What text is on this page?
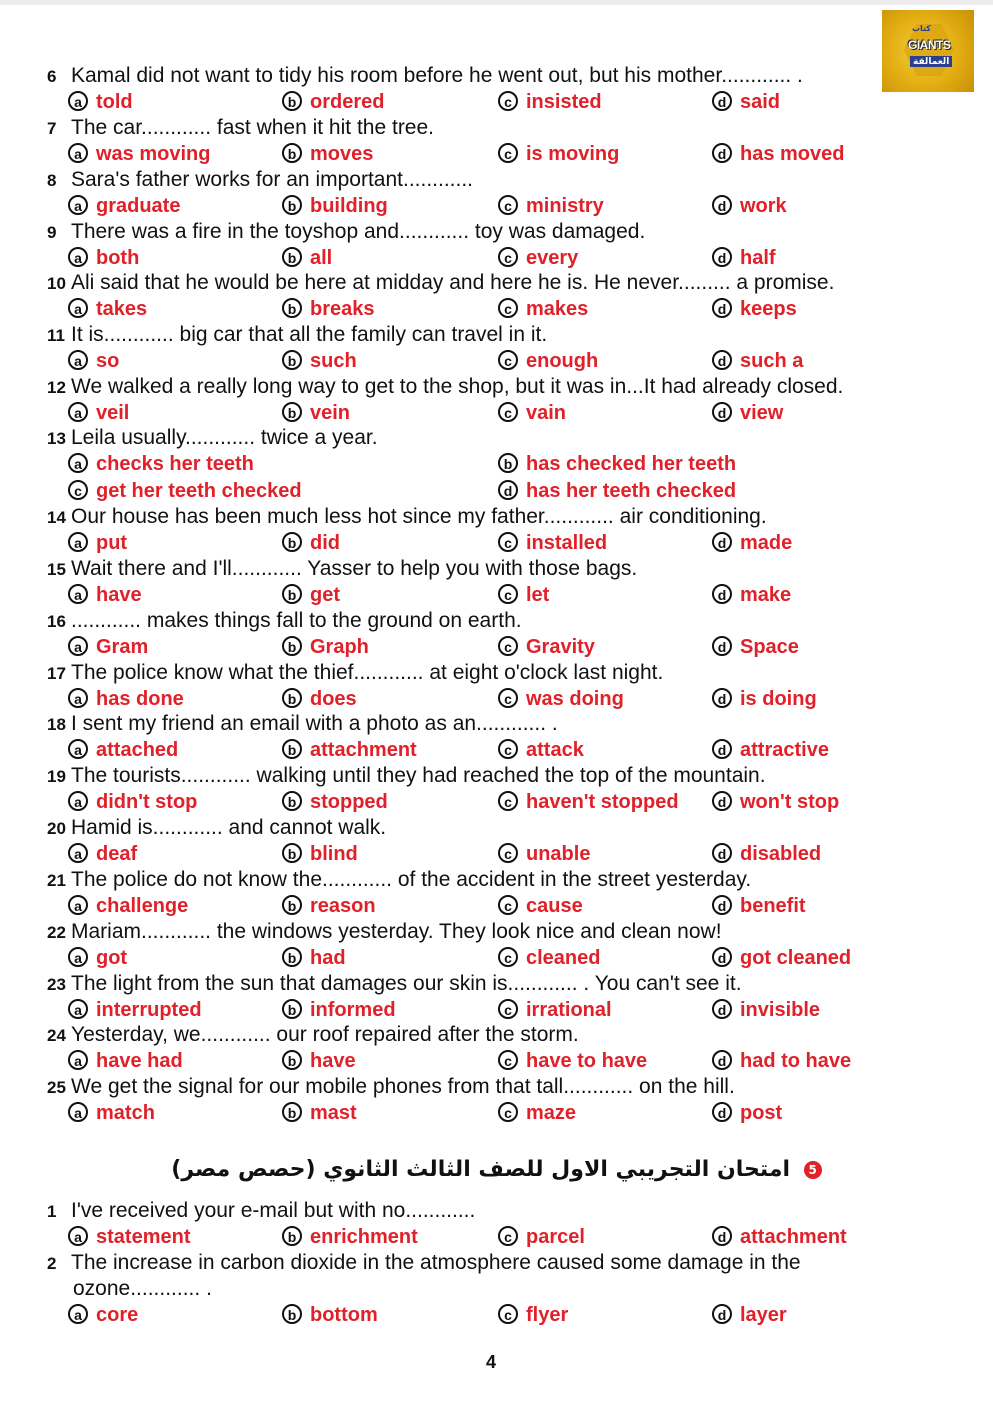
كتاب
GIANTS
العمالقة
6 Kamal did not want to tidy his room before he went out, but his mother............ .
a told	b ordered	c insisted	d said
7 The car............ fast when it hit the tree.
a was moving	b moves	c is moving	d has moved
8 Sara's father works for an important............
a graduate	b building	c ministry	d work
9 There was a fire in the toyshop and............ toy was damaged.
a both	b all	c every	d half
10 Ali said that he would be here at midday and here he is. He never......... a promise.
a takes	b breaks	c makes	d keeps
11 It is............ big car that all the family can travel in it.
a so	b such	c enough	d such a
12 We walked a really long way to get to the shop, but it was in...It had already closed.
a veil	b vein	c vain	d view
13 Leila usually............ twice a year.
a checks her teeth	b has checked her teeth
c get her teeth checked	d has her teeth checked
14 Our house has been much less hot since my father............ air conditioning.
a put	b did	c installed	d made
15 Wait there and I'll............ Yasser to help you with those bags.
a have	b get	c let	d make
16 ............ makes things fall to the ground on earth.
a Gram	b Graph	c Gravity	d Space
17 The police know what the thief............ at eight o'clock last night.
a has done	b does	c was doing	d is doing
18 I sent my friend an email with a photo as an............ .
a attached	b attachment	c attack	d attractive
19 The tourists............ walking until they had reached the top of the mountain.
a didn't stop	b stopped	c haven't stopped	d won't stop
20 Hamid is............ and cannot walk.
a deaf	b blind	c unable	d disabled
21 The police do not know the............ of the accident in the street yesterday.
a challenge	b reason	c cause	d benefit
22 Mariam............ the windows yesterday. They look nice and clean now!
a got	b had	c cleaned	d got cleaned
23 The light from the sun that damages our skin is............ . You can't see it.
a interrupted	b informed	c irrational	d invisible
24 Yesterday, we............ our roof repaired after the storm.
a have had	b have	c have to have	d had to have
25 We get the signal for our mobile phones from that tall............ on the hill.
a match	b mast	c maze	d post
5 امتحان التجريبي الاول للصف الثالث الثانوي (حصص مصر)
1 I've received your e-mail but with no............
a statement	b enrichment	c parcel	d attachment
2 The increase in carbon dioxide in the atmosphere caused some damage in the
ozone............ .
a core	b bottom	c flyer	d layer
4
